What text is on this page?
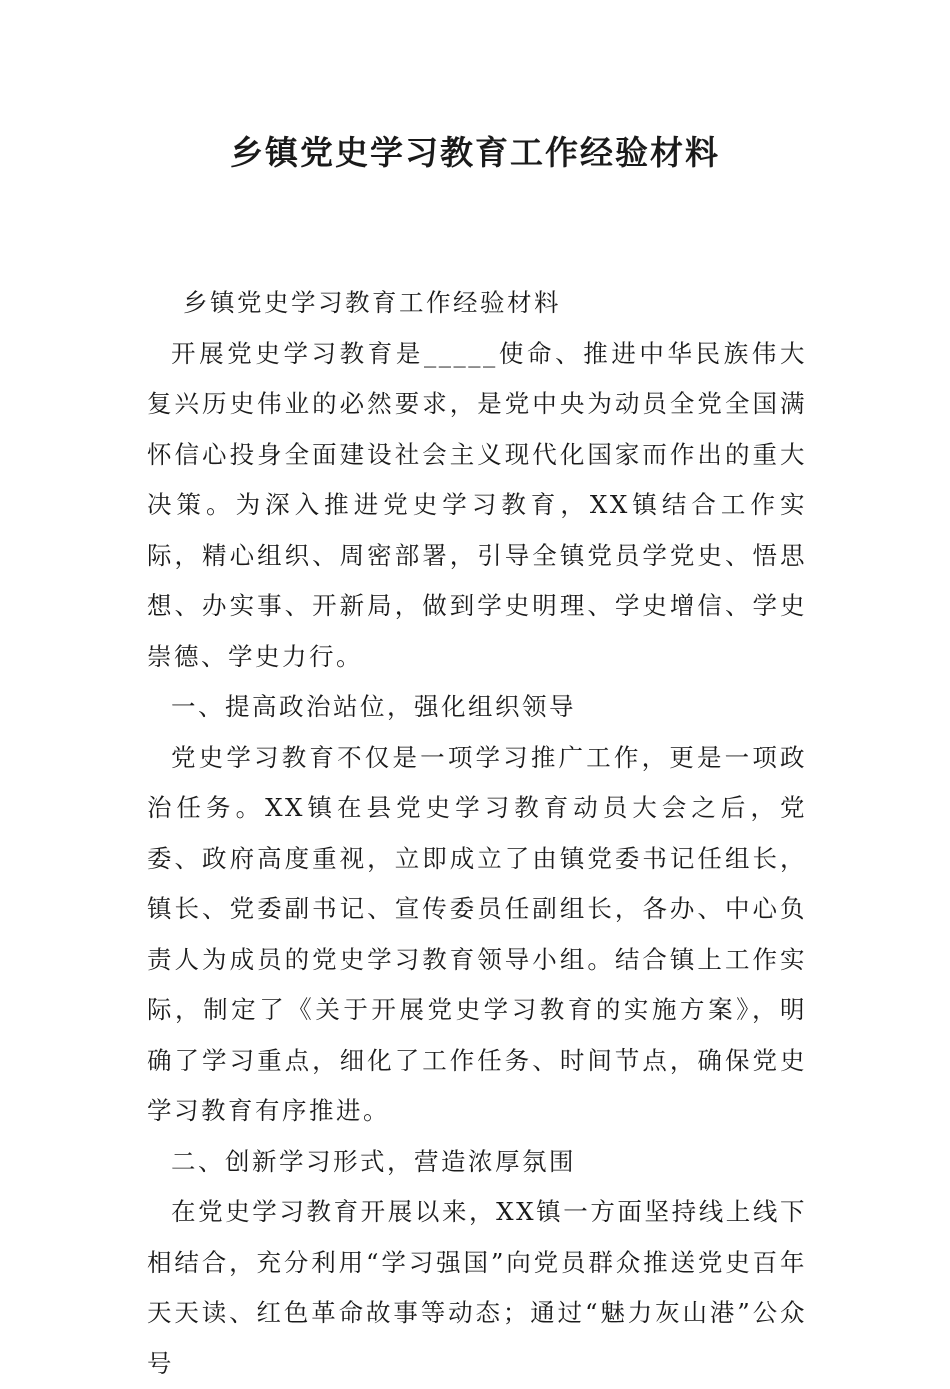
乡镇党史学习教育工作经验材料

乡镇党史学习教育工作经验材料

开展党史学习教育是_____使命、推进中华民族伟大复兴历史伟业的必然要求，是党中央为动员全党全国满怀信心投身全面建设社会主义现代化国家而作出的重大决策。为深入推进党史学习教育，XX镇结合工作实际，精心组织、周密部署，引导全镇党员学党史、悟思想、办实事、开新局，做到学史明理、学史增信、学史崇德、学史力行。

一、提高政治站位，强化组织领导

党史学习教育不仅是一项学习推广工作，更是一项政治任务。XX镇在县党史学习教育动员大会之后，党委、政府高度重视，立即成立了由镇党委书记任组长，镇长、党委副书记、宣传委员任副组长，各办、中心负责人为成员的党史学习教育领导小组。结合镇上工作实际，制定了《关于开展党史学习教育的实施方案》，明确了学习重点，细化了工作任务、时间节点，确保党史学习教育有序推进。

二、创新学习形式，营造浓厚氛围

在党史学习教育开展以来，XX镇一方面坚持线上线下相结合，充分利用“学习强国”向党员群众推送党史百年天天读、红色革命故事等动态；通过“魅力灰山港”公众号
